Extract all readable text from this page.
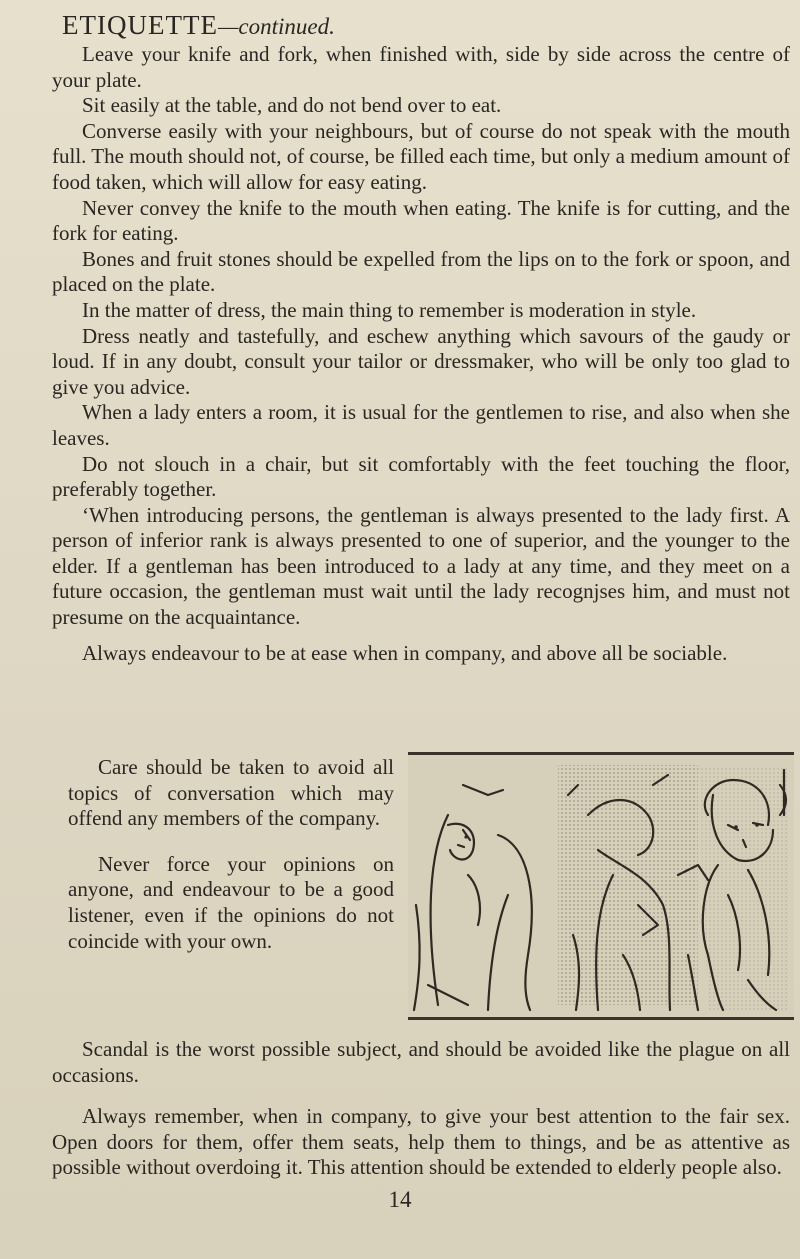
ETIQUETTE—continued.

Leave your knife and fork, when finished with, side by side across the centre of your plate.

Sit easily at the table, and do not bend over to eat.

Converse easily with your neighbours, but of course do not speak with the mouth full. The mouth should not, of course, be filled each time, but only a medium amount of food taken, which will allow for easy eating.

Never convey the knife to the mouth when eating. The knife is for cutting, and the fork for eating.

Bones and fruit stones should be expelled from the lips on to the fork or spoon, and placed on the plate.

In the matter of dress, the main thing to remember is moderation in style.

Dress neatly and tastefully, and eschew anything which savours of the gaudy or loud. If in any doubt, consult your tailor or dressmaker, who will be only too glad to give you advice.

When a lady enters a room, it is usual for the gentlemen to rise, and also when she leaves.

Do not slouch in a chair, but sit comfortably with the feet touching the floor, preferably together.

‘When introducing persons, the gentleman is always presented to the lady first. A person of inferior rank is always presented to one of superior, and the younger to the elder. If a gentleman has been introduced to a lady at any time, and they meet on a future occasion, the gentleman must wait until the lady recognjses him, and must not presume on the acquaintance.

Always endeavour to be at ease when in company, and above all be sociable.

Care should be taken to avoid all topics of conversation which may offend any members of the company.

Never force your opinions on anyone, and endeavour to be a good listener, even if the opinions do not coincide with your own.

Scandal is the worst possible subject, and should be avoided like the plague on all occasions.

Always remember, when in company, to give your best attention to the fair sex. Open doors for them, offer them seats, help them to things, and be as attentive as possible without overdoing it. This attention should be extended to elderly people also.

14
